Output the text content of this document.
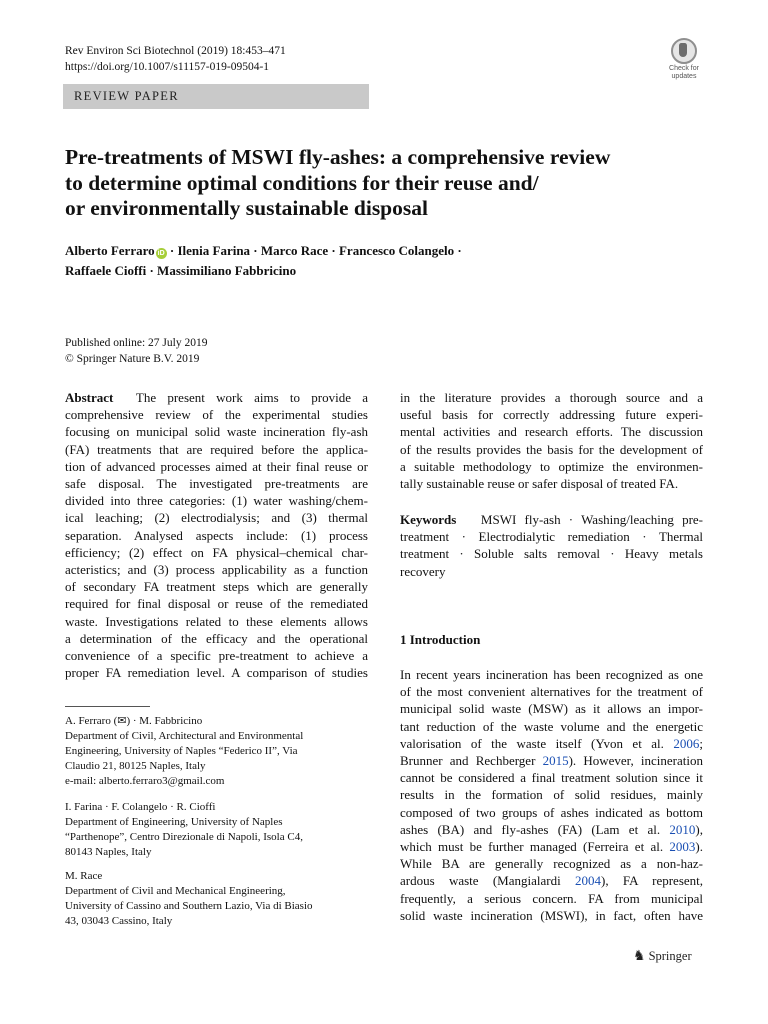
Rev Environ Sci Biotechnol (2019) 18:453–471
https://doi.org/10.1007/s11157-019-09504-1	Check for
updates
REVIEW PAPER
Pre-treatments of MSWI fly-ashes: a comprehensive review
to determine optimal conditions for their reuse and/
or environmentally sustainable disposal
Alberto Ferraro iD · Ilenia Farina · Marco Race · Francesco Colangelo ·
Raffaele Cioffi · Massimiliano Fabbricino
Published online: 27 July 2019
© Springer Nature B.V. 2019
Abstract The present work aims to provide a
comprehensive review of the experimental studies
focusing on municipal solid waste incineration fly-ash
(FA) treatments that are required before the applica-
tion of advanced processes aimed at their final reuse or
safe disposal. The investigated pre-treatments are
divided into three categories: (1) water washing/chem-
ical leaching; (2) electrodialysis; and (3) thermal
separation. Analysed aspects include: (1) process
efficiency; (2) effect on FA physical–chemical char-
acteristics; and (3) process applicability as a function
of secondary FA treatment steps which are generally
required for final disposal or reuse of the remediated
waste. Investigations related to these elements allows
a determination of the efficacy and the operational
convenience of a specific pre-treatment to achieve a
proper FA remediation level. A comparison of studies
in the literature provides a thorough source and a
useful basis for correctly addressing future experi-
mental activities and research efforts. The discussion
of the results provides the basis for the development of
a suitable methodology to optimize the environmen-
tally sustainable reuse or safer disposal of treated FA.
Keywords MSWI fly-ash · Washing/leaching pre-
treatment · Electrodialytic remediation · Thermal
treatment · Soluble salts removal · Heavy metals
recovery
1 Introduction
In recent years incineration has been recognized as one
of the most convenient alternatives for the treatment of
municipal solid waste (MSW) as it allows an impor-
tant reduction of the waste volume and the energetic
valorisation of the waste itself (Yvon et al. 2006;
Brunner and Rechberger 2015). However, incineration
cannot be considered a final treatment solution since it
results in the formation of solid residues, mainly
composed of two groups of ashes indicated as bottom
ashes (BA) and fly-ashes (FA) (Lam et al. 2010),
which must be further managed (Ferreira et al. 2003).
While BA are generally recognized as a non-haz-
ardous waste (Mangialardi 2004), FA represent,
frequently, a serious concern. FA from municipal
solid waste incineration (MSWI), in fact, often have
A. Ferraro (✉) · M. Fabbricino
Department of Civil, Architectural and Environmental
Engineering, University of Naples “Federico II”, Via
Claudio 21, 80125 Naples, Italy
e-mail: alberto.ferraro3@gmail.com
I. Farina · F. Colangelo · R. Cioffi
Department of Engineering, University of Naples
“Parthenope”, Centro Direzionale di Napoli, Isola C4,
80143 Naples, Italy
M. Race
Department of Civil and Mechanical Engineering,
University of Cassino and Southern Lazio, Via di Biasio
43, 03043 Cassino, Italy
♞ Springer
